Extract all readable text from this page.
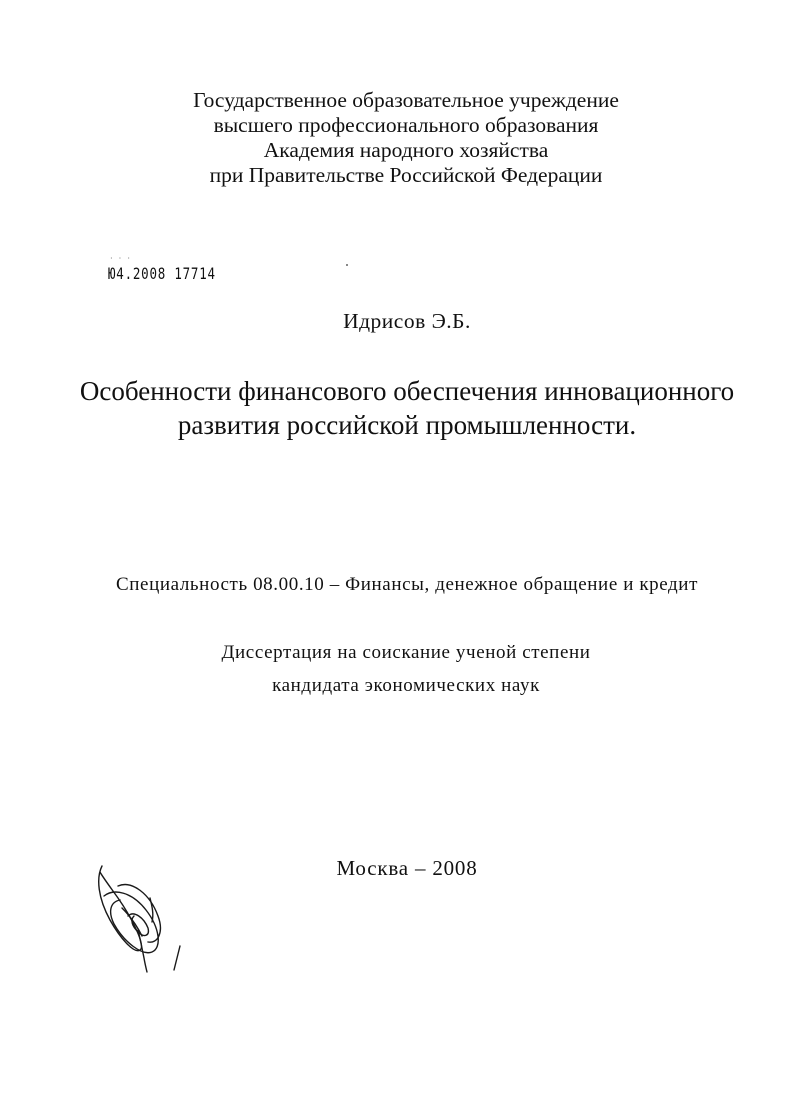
Государственное образовательное учреждение
высшего профессионального образования
Академия народного хозяйства
при Правительстве Российской Федерации
· · ·
Ю4.2008 17714
Идрисов Э.Б.
Особенности финансового обеспечения инновационного
развития российской промышленности.
Специальность 08.00.10 – Финансы, денежное обращение и кредит
Диссертация на соискание ученой степени
кандидата экономических наук
Москва – 2008
